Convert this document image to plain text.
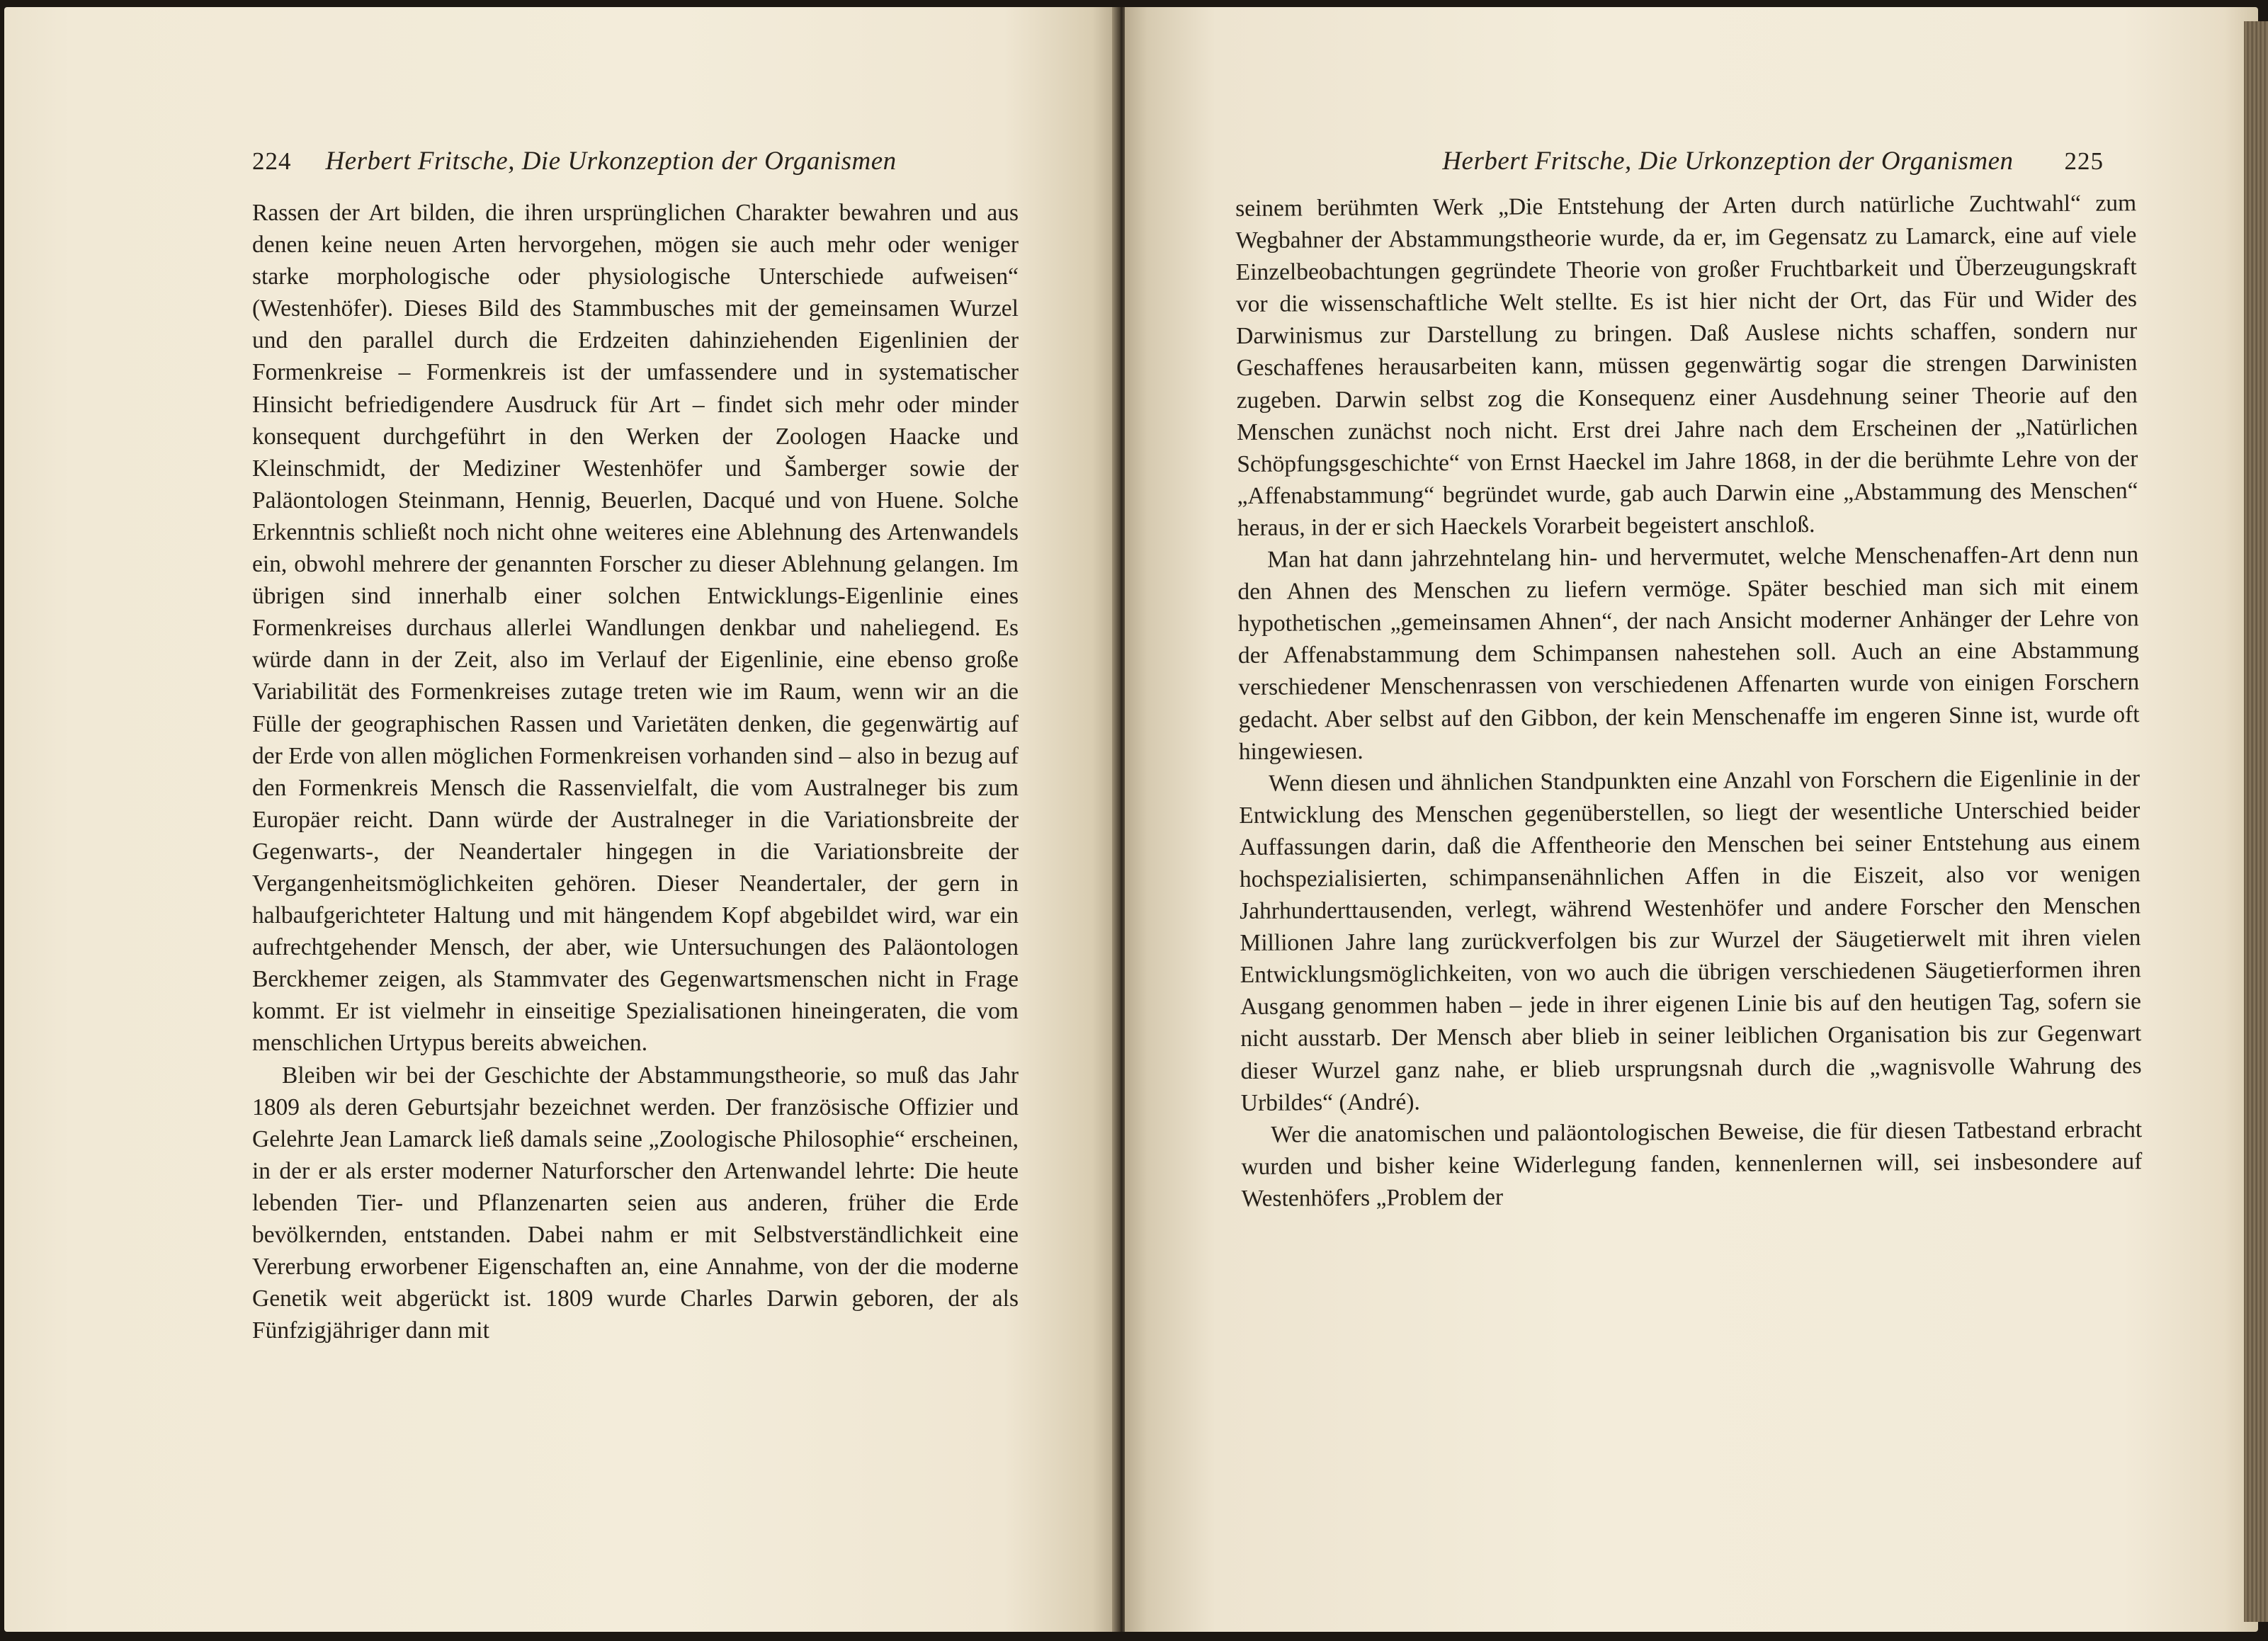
224 Herbert Fritsche, Die Urkonzeption der Organismen

Rassen der Art bilden, die ihren ursprünglichen Charakter bewahren und aus denen keine neuen Arten hervorgehen, mögen sie auch mehr oder weniger starke morphologische oder physiologische Unterschiede aufweisen“ (Westenhöfer). Dieses Bild des Stammbusches mit der gemeinsamen Wurzel und den parallel durch die Erdzeiten dahinziehenden Eigenlinien der Formenkreise – Formenkreis ist der umfassendere und in systematischer Hinsicht befriedigendere Ausdruck für Art – findet sich mehr oder minder konsequent durchgeführt in den Werken der Zoologen Haacke und Kleinschmidt, der Mediziner Westenhöfer und Šamberger sowie der Paläontologen Steinmann, Hennig, Beuerlen, Dacqué und von Huene. Solche Erkenntnis schließt noch nicht ohne weiteres eine Ablehnung des Artenwandels ein, obwohl mehrere der genannten Forscher zu dieser Ablehnung gelangen. Im übrigen sind innerhalb einer solchen Entwicklungs-Eigenlinie eines Formenkreises durchaus allerlei Wandlungen denkbar und naheliegend. Es würde dann in der Zeit, also im Verlauf der Eigenlinie, eine ebenso große Variabilität des Formenkreises zutage treten wie im Raum, wenn wir an die Fülle der geographischen Rassen und Varietäten denken, die gegenwärtig auf der Erde von allen möglichen Formenkreisen vorhanden sind – also in bezug auf den Formenkreis Mensch die Rassenvielfalt, die vom Australneger bis zum Europäer reicht. Dann würde der Australneger in die Variationsbreite der Gegenwarts-, der Neandertaler hingegen in die Variationsbreite der Vergangenheitsmöglichkeiten gehören. Dieser Neandertaler, der gern in halbaufgerichteter Haltung und mit hängendem Kopf abgebildet wird, war ein aufrechtgehender Mensch, der aber, wie Untersuchungen des Paläontologen Berckhemer zeigen, als Stammvater des Gegenwartsmenschen nicht in Frage kommt. Er ist vielmehr in einseitige Spezialisationen hineingeraten, die vom menschlichen Urtypus bereits abweichen.

Bleiben wir bei der Geschichte der Abstammungstheorie, so muß das Jahr 1809 als deren Geburtsjahr bezeichnet werden. Der französische Offizier und Gelehrte Jean Lamarck ließ damals seine „Zoologische Philosophie“ erscheinen, in der er als erster moderner Naturforscher den Artenwandel lehrte: Die heute lebenden Tier- und Pflanzenarten seien aus anderen, früher die Erde bevölkernden, entstanden. Dabei nahm er mit Selbstverständlichkeit eine Vererbung erworbener Eigenschaften an, eine Annahme, von der die moderne Genetik weit abgerückt ist. 1809 wurde Charles Darwin geboren, der als Fünfzigjähriger dann mit

Herbert Fritsche, Die Urkonzeption der Organismen 225

seinem berühmten Werk „Die Entstehung der Arten durch natürliche Zuchtwahl“ zum Wegbahner der Abstammungstheorie wurde, da er, im Gegensatz zu Lamarck, eine auf viele Einzelbeobachtungen gegründete Theorie von großer Fruchtbarkeit und Überzeugungskraft vor die wissenschaftliche Welt stellte. Es ist hier nicht der Ort, das Für und Wider des Darwinismus zur Darstellung zu bringen. Daß Auslese nichts schaffen, sondern nur Geschaffenes herausarbeiten kann, müssen gegenwärtig sogar die strengen Darwinisten zugeben. Darwin selbst zog die Konsequenz einer Ausdehnung seiner Theorie auf den Menschen zunächst noch nicht. Erst drei Jahre nach dem Erscheinen der „Natürlichen Schöpfungsgeschichte“ von Ernst Haeckel im Jahre 1868, in der die berühmte Lehre von der „Affenabstammung“ begründet wurde, gab auch Darwin eine „Abstammung des Menschen“ heraus, in der er sich Haeckels Vorarbeit begeistert anschloß.

Man hat dann jahrzehntelang hin- und hervermutet, welche Menschenaffen-Art denn nun den Ahnen des Menschen zu liefern vermöge. Später beschied man sich mit einem hypothetischen „gemeinsamen Ahnen“, der nach Ansicht moderner Anhänger der Lehre von der Affenabstammung dem Schimpansen nahestehen soll. Auch an eine Abstammung verschiedener Menschenrassen von verschiedenen Affenarten wurde von einigen Forschern gedacht. Aber selbst auf den Gibbon, der kein Menschenaffe im engeren Sinne ist, wurde oft hingewiesen.

Wenn diesen und ähnlichen Standpunkten eine Anzahl von Forschern die Eigenlinie in der Entwicklung des Menschen gegenüberstellen, so liegt der wesentliche Unterschied beider Auffassungen darin, daß die Affentheorie den Menschen bei seiner Entstehung aus einem hochspezialisierten, schimpansenähnlichen Affen in die Eiszeit, also vor wenigen Jahrhunderttausenden, verlegt, während Westenhöfer und andere Forscher den Menschen Millionen Jahre lang zurückverfolgen bis zur Wurzel der Säugetierwelt mit ihren vielen Entwicklungsmöglichkeiten, von wo auch die übrigen verschiedenen Säugetierformen ihren Ausgang genommen haben – jede in ihrer eigenen Linie bis auf den heutigen Tag, sofern sie nicht ausstarb. Der Mensch aber blieb in seiner leiblichen Organisation bis zur Gegenwart dieser Wurzel ganz nahe, er blieb ursprungsnah durch die „wagnisvolle Wahrung des Urbildes“ (André).

Wer die anatomischen und paläontologischen Beweise, die für diesen Tatbestand erbracht wurden und bisher keine Widerlegung fanden, kennenlernen will, sei insbesondere auf Westenhöfers „Problem der
